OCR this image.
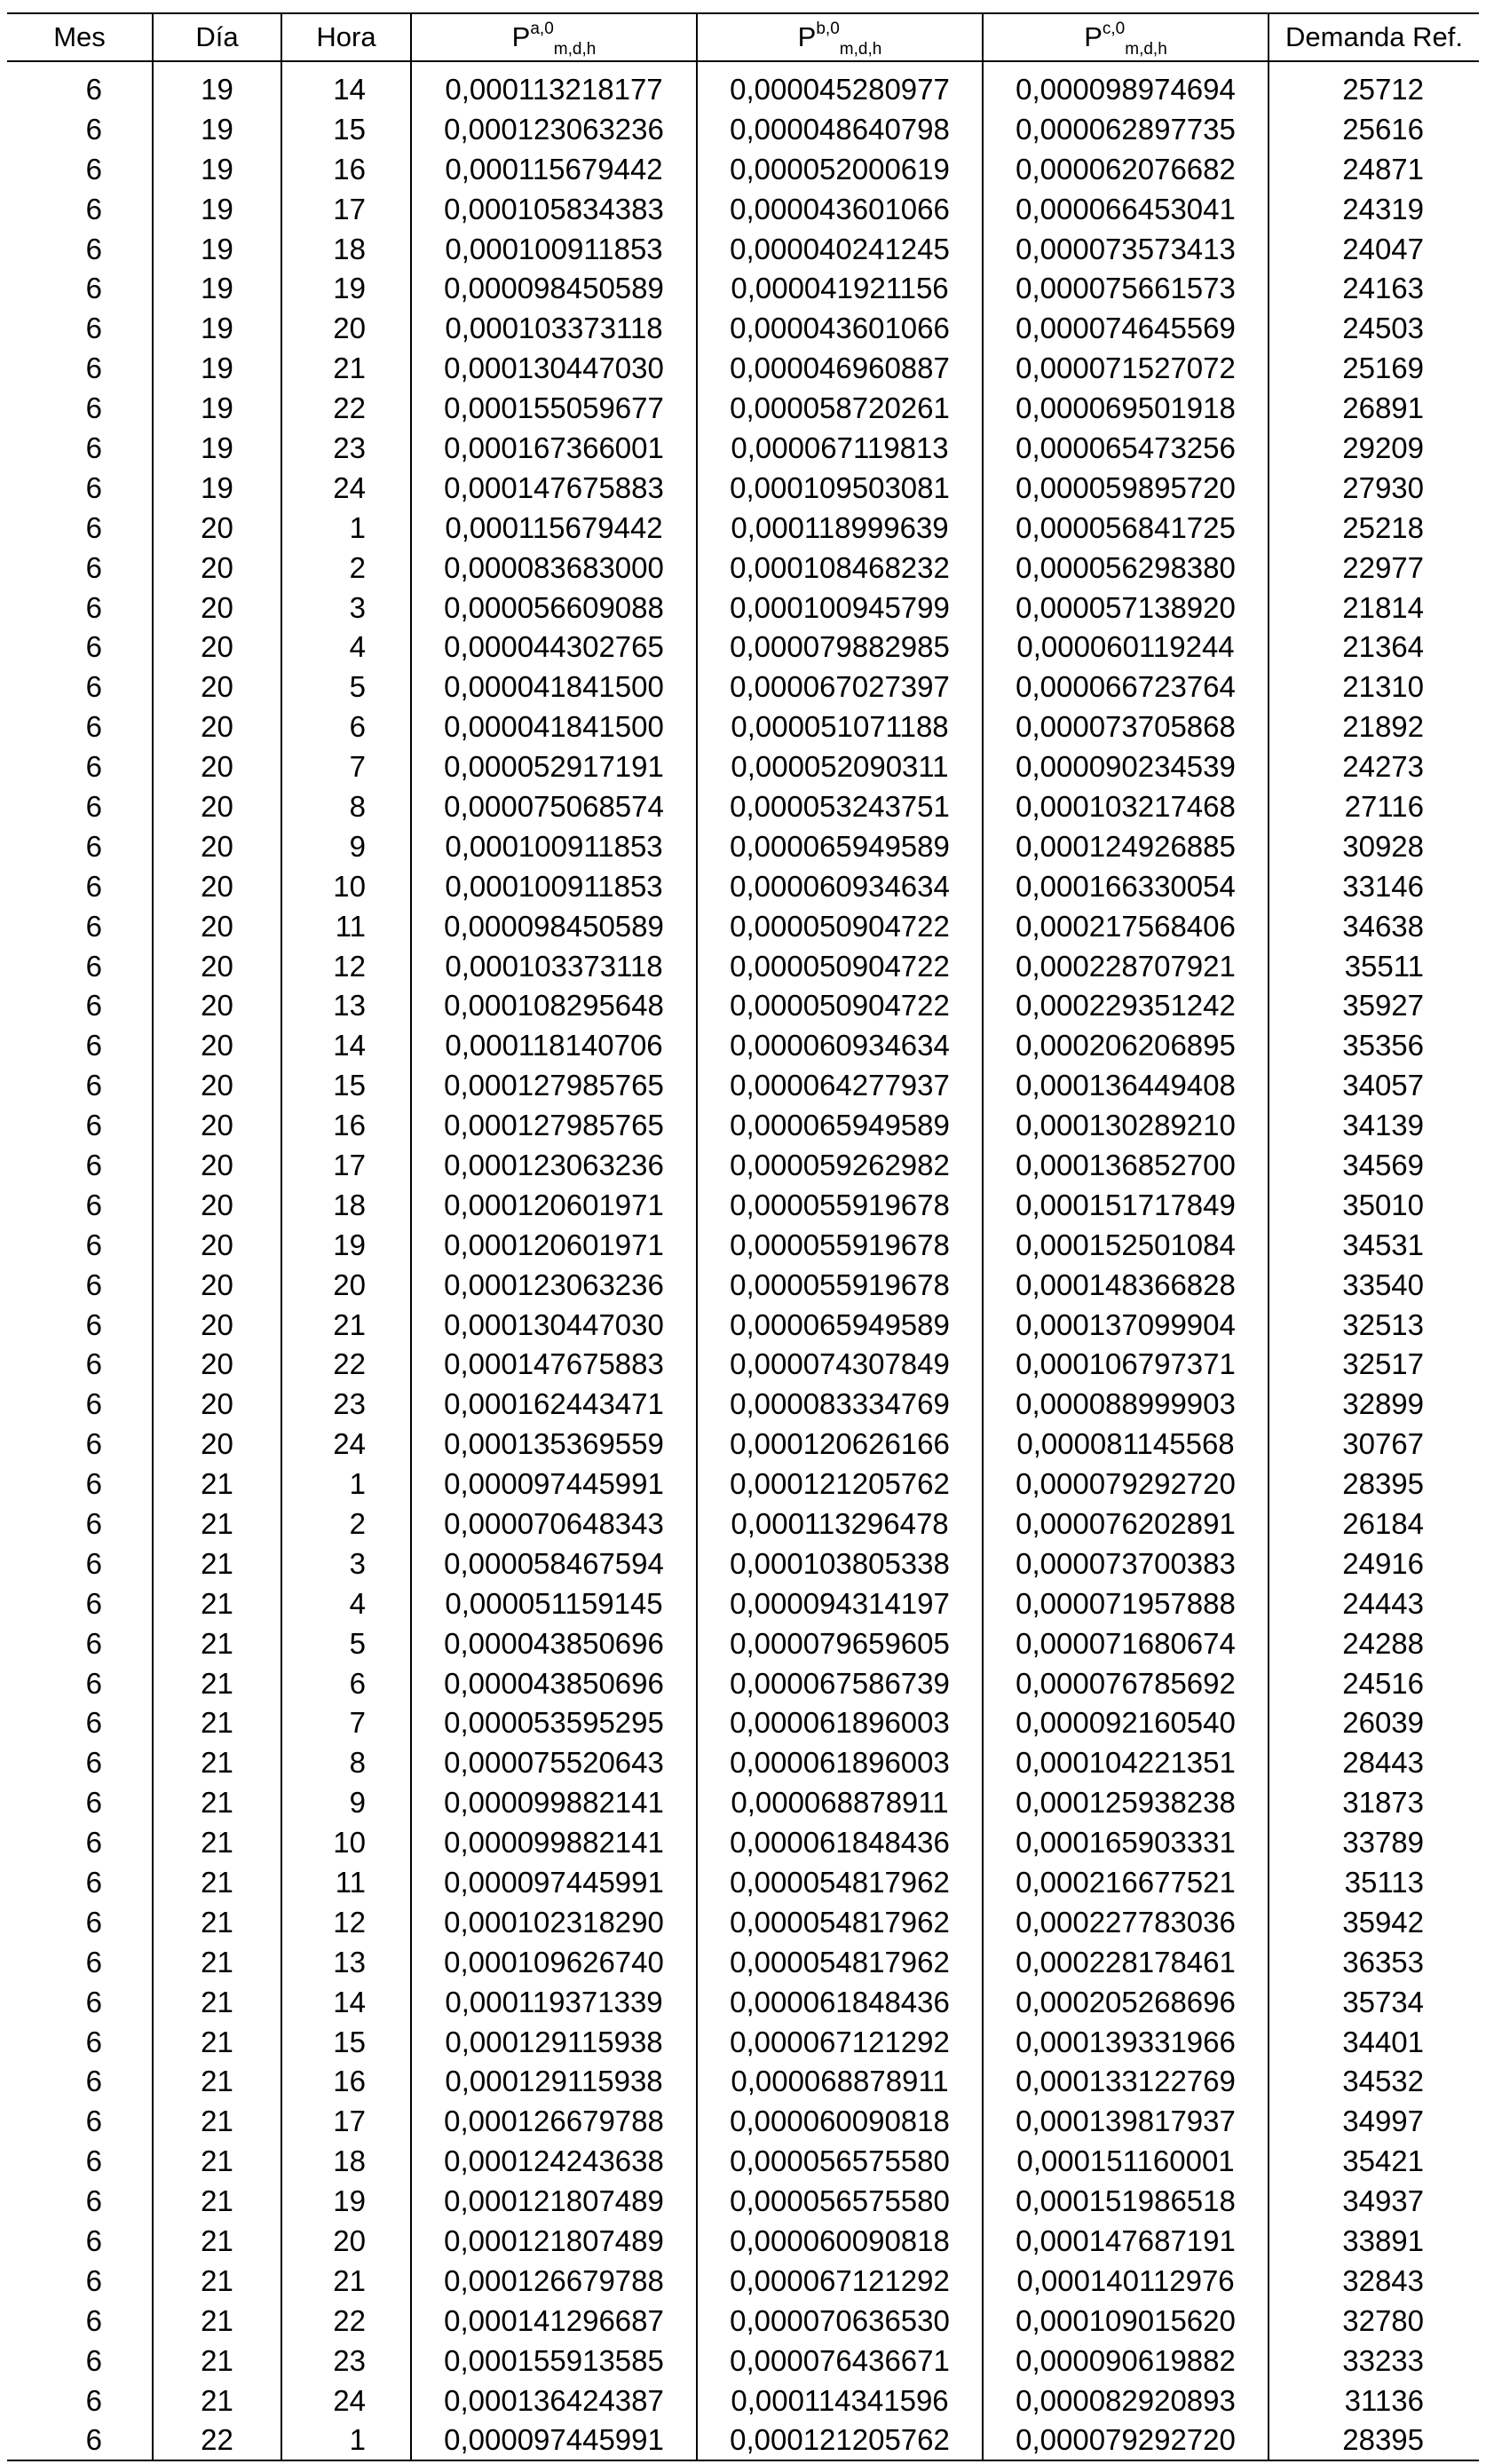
Mes	Día	Hora	P$^{a,0}_{m,d,h}$	P$^{b,0}_{m,d,h}$	P$^{c,0}_{m,d,h}$	Demanda Ref.
6	19	14	0,000113218177	0,000045280977	0,000098974694	25712
6	19	15	0,000123063236	0,000048640798	0,000062897735	25616
6	19	16	0,000115679442	0,000052000619	0,000062076682	24871
6	19	17	0,000105834383	0,000043601066	0,000066453041	24319
6	19	18	0,000100911853	0,000040241245	0,000073573413	24047
6	19	19	0,000098450589	0,000041921156	0,000075661573	24163
6	19	20	0,000103373118	0,000043601066	0,000074645569	24503
6	19	21	0,000130447030	0,000046960887	0,000071527072	25169
6	19	22	0,000155059677	0,000058720261	0,000069501918	26891
6	19	23	0,000167366001	0,000067119813	0,000065473256	29209
6	19	24	0,000147675883	0,000109503081	0,000059895720	27930
6	20	1	0,000115679442	0,000118999639	0,000056841725	25218
6	20	2	0,000083683000	0,000108468232	0,000056298380	22977
6	20	3	0,000056609088	0,000100945799	0,000057138920	21814
6	20	4	0,000044302765	0,000079882985	0,000060119244	21364
6	20	5	0,000041841500	0,000067027397	0,000066723764	21310
6	20	6	0,000041841500	0,000051071188	0,000073705868	21892
6	20	7	0,000052917191	0,000052090311	0,000090234539	24273
6	20	8	0,000075068574	0,000053243751	0,000103217468	27116
6	20	9	0,000100911853	0,000065949589	0,000124926885	30928
6	20	10	0,000100911853	0,000060934634	0,000166330054	33146
6	20	11	0,000098450589	0,000050904722	0,000217568406	34638
6	20	12	0,000103373118	0,000050904722	0,000228707921	35511
6	20	13	0,000108295648	0,000050904722	0,000229351242	35927
6	20	14	0,000118140706	0,000060934634	0,000206206895	35356
6	20	15	0,000127985765	0,000064277937	0,000136449408	34057
6	20	16	0,000127985765	0,000065949589	0,000130289210	34139
6	20	17	0,000123063236	0,000059262982	0,000136852700	34569
6	20	18	0,000120601971	0,000055919678	0,000151717849	35010
6	20	19	0,000120601971	0,000055919678	0,000152501084	34531
6	20	20	0,000123063236	0,000055919678	0,000148366828	33540
6	20	21	0,000130447030	0,000065949589	0,000137099904	32513
6	20	22	0,000147675883	0,000074307849	0,000106797371	32517
6	20	23	0,000162443471	0,000083334769	0,000088999903	32899
6	20	24	0,000135369559	0,000120626166	0,000081145568	30767
6	21	1	0,000097445991	0,000121205762	0,000079292720	28395
6	21	2	0,000070648343	0,000113296478	0,000076202891	26184
6	21	3	0,000058467594	0,000103805338	0,000073700383	24916
6	21	4	0,000051159145	0,000094314197	0,000071957888	24443
6	21	5	0,000043850696	0,000079659605	0,000071680674	24288
6	21	6	0,000043850696	0,000067586739	0,000076785692	24516
6	21	7	0,000053595295	0,000061896003	0,000092160540	26039
6	21	8	0,000075520643	0,000061896003	0,000104221351	28443
6	21	9	0,000099882141	0,000068878911	0,000125938238	31873
6	21	10	0,000099882141	0,000061848436	0,000165903331	33789
6	21	11	0,000097445991	0,000054817962	0,000216677521	35113
6	21	12	0,000102318290	0,000054817962	0,000227783036	35942
6	21	13	0,000109626740	0,000054817962	0,000228178461	36353
6	21	14	0,000119371339	0,000061848436	0,000205268696	35734
6	21	15	0,000129115938	0,000067121292	0,000139331966	34401
6	21	16	0,000129115938	0,000068878911	0,000133122769	34532
6	21	17	0,000126679788	0,000060090818	0,000139817937	34997
6	21	18	0,000124243638	0,000056575580	0,000151160001	35421
6	21	19	0,000121807489	0,000056575580	0,000151986518	34937
6	21	20	0,000121807489	0,000060090818	0,000147687191	33891
6	21	21	0,000126679788	0,000067121292	0,000140112976	32843
6	21	22	0,000141296687	0,000070636530	0,000109015620	32780
6	21	23	0,000155913585	0,000076436671	0,000090619882	33233
6	21	24	0,000136424387	0,000114341596	0,000082920893	31136
6	22	1	0,000097445991	0,000121205762	0,000079292720	28395
